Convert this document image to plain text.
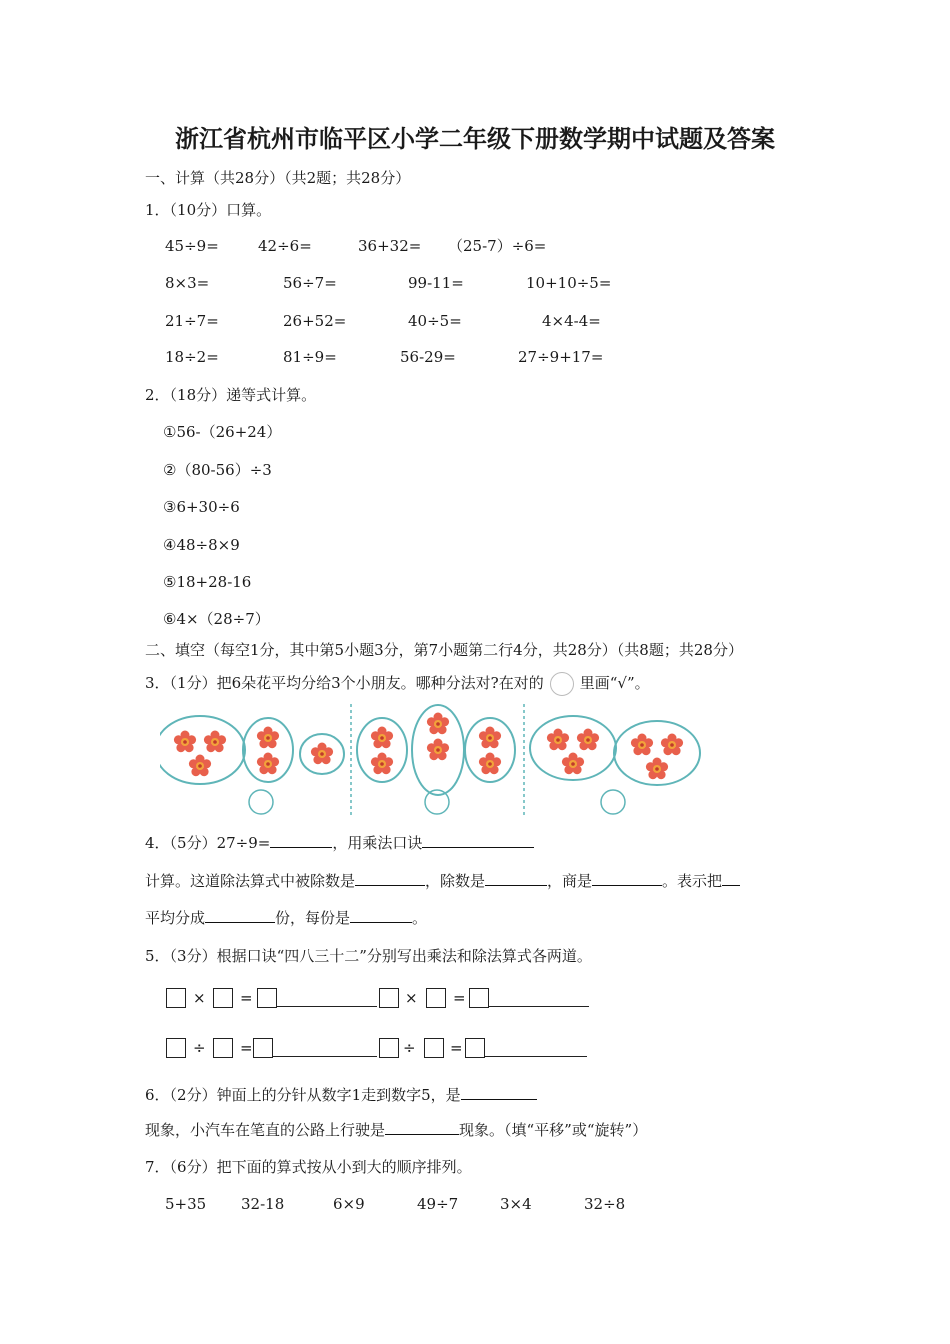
浙江省杭州市临平区小学二年级下册数学期中试题及答案
一、计算（共28分）（共2题；共28分）
1．（10分）口算。
45÷9=	42÷6=	36+32= （25-7）÷6=
8×3=	56÷7=	99-11=	10+10÷5=
21÷7=	26+52=	40÷5=	4×4-4=
18÷2=	81÷9=	56-29=	27÷9+17=
2．（18分）递等式计算。
①56-（26+24）
②（80-56）÷3
③6+30÷6
④48÷8×9
⑤18+28-16
⑥4×（28÷7）
二、填空（每空1分，其中第5小题3分，第7小题第二行4分，共28分）（共8题；共28分）
3．（1分）把6朵花平均分给3个小朋友。哪种分法对?在对的 里画“√”。
4．（5分）27÷9=	，用乘法口诀
计算。这道除法算式中被除数是	，除数是	，商是	。表示把
平均分成	份，每份是	。
5．（3分）根据口诀“四八三十二”分别写出乘法和除法算式各两道。
× =	× =
÷ =	÷ =
6．（2分）钟面上的分针从数字1走到数字5，是
现象，小汽车在笔直的公路上行驶是	现象。（填“平移”或“旋转”）
7．（6分）把下面的算式按从小到大的顺序排列。
5+35 32-18	6×9	49÷7	3×4	32÷8
